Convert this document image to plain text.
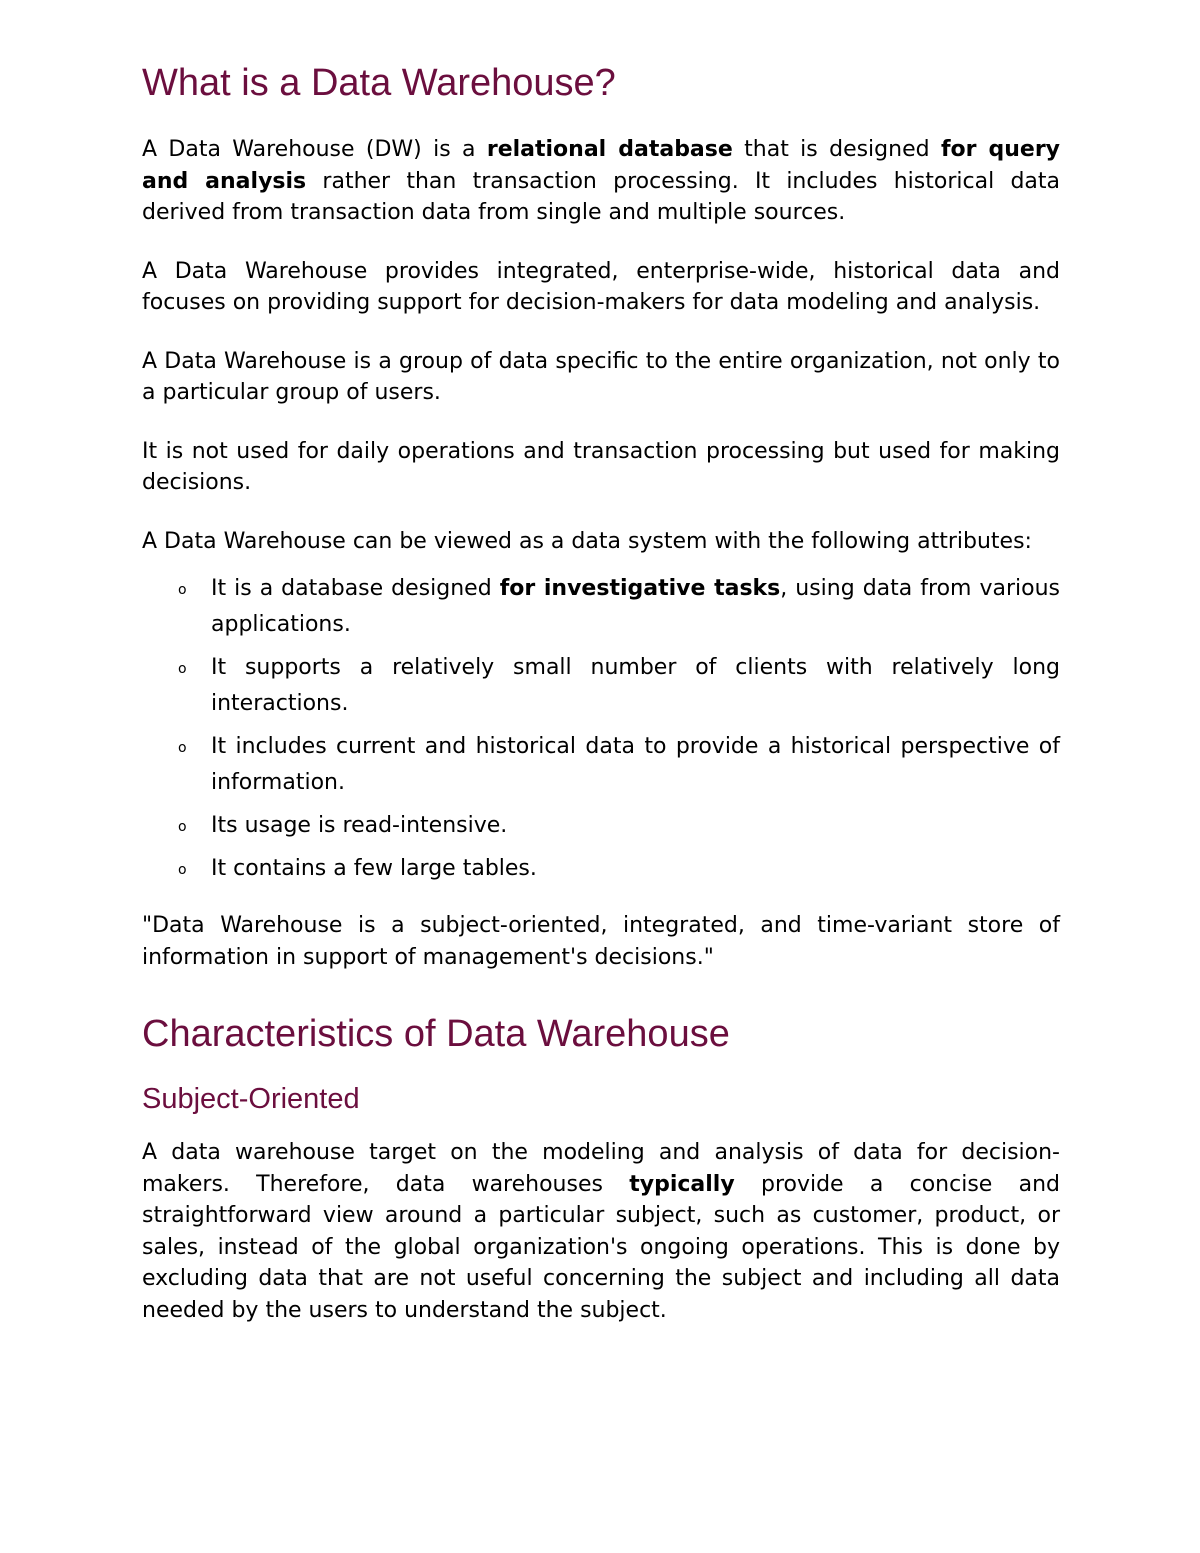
What is a Data Warehouse?

A Data Warehouse (DW) is a relational database that is designed for query and analysis rather than transaction processing. It includes historical data derived from transaction data from single and multiple sources.

A Data Warehouse provides integrated, enterprise-wide, historical data and focuses on providing support for decision-makers for data modeling and analysis.

A Data Warehouse is a group of data specific to the entire organization, not only to a particular group of users.

It is not used for daily operations and transaction processing but used for making decisions.

A Data Warehouse can be viewed as a data system with the following attributes:

o It is a database designed for investigative tasks, using data from various applications.
o It supports a relatively small number of clients with relatively long interactions.
o It includes current and historical data to provide a historical perspective of information.
o Its usage is read-intensive.
o It contains a few large tables.

"Data Warehouse is a subject-oriented, integrated, and time-variant store of information in support of management's decisions."

Characteristics of Data Warehouse
Subject-Oriented

A data warehouse target on the modeling and analysis of data for decision-makers. Therefore, data warehouses typically provide a concise and straightforward view around a particular subject, such as customer, product, or sales, instead of the global organization's ongoing operations. This is done by excluding data that are not useful concerning the subject and including all data needed by the users to understand the subject.
